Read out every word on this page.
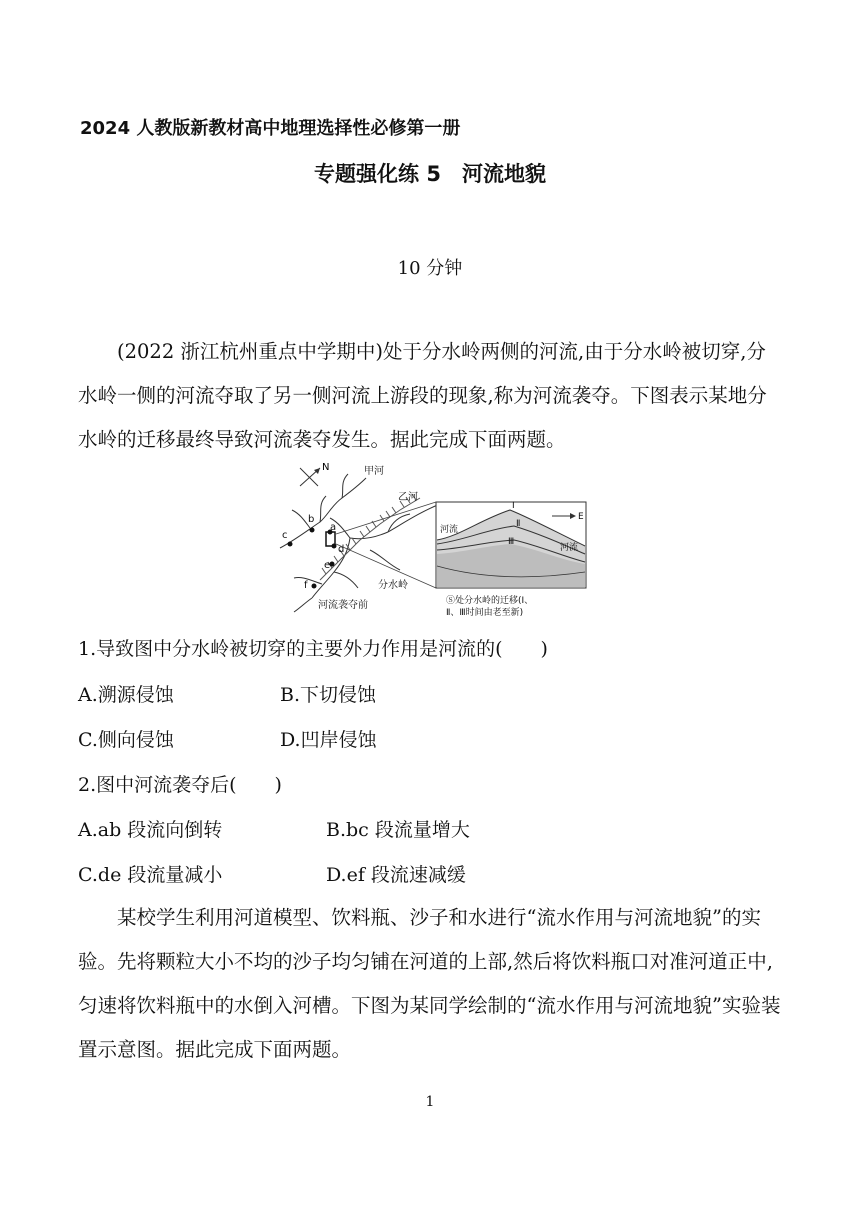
2024 人教版新教材高中地理选择性必修第一册
专题强化练 5　河流地貌
10 分钟
(2022 浙江杭州重点中学期中)处于分水岭两侧的河流,由于分水岭被切穿,分水岭一侧的河流夺取了另一侧河流上游段的现象,称为河流袭夺。下图表示某地分水岭的迁移最终导致河流袭夺发生。据此完成下面两题。
N
a
b
c
d
e
f
甲河
乙河
分水岭
河流袭夺前
E
河流
河流
Ⅰ
Ⅱ
Ⅲ
Ⓢ处分水岭的迁移(Ⅰ、
Ⅱ、Ⅲ时间由老至新)
1.导致图中分水岭被切穿的主要外力作用是河流的(　　)
A.溯源侵蚀	B.下切侵蚀
C.侧向侵蚀	D.凹岸侵蚀
2.图中河流袭夺后(　　)
A.ab 段流向倒转	B.bc 段流量增大
C.de 段流量减小	D.ef 段流速减缓
某校学生利用河道模型、饮料瓶、沙子和水进行“流水作用与河流地貌”的实验。先将颗粒大小不均的沙子均匀铺在河道的上部,然后将饮料瓶口对准河道正中,匀速将饮料瓶中的水倒入河槽。下图为某同学绘制的“流水作用与河流地貌”实验装置示意图。据此完成下面两题。
1
